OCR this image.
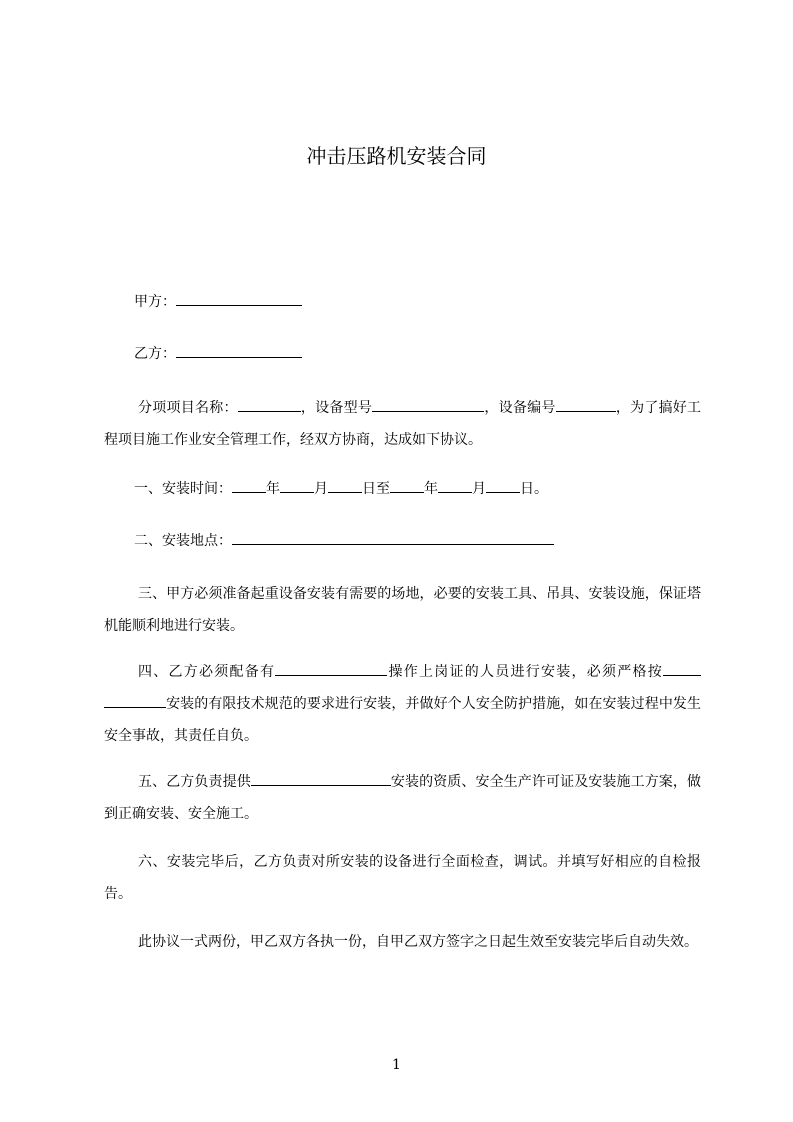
冲击压路机安装合同
甲方：
乙方：
分项项目名称：	，设备型号	，设备编号	，为了搞好工程项目施工作业安全管理工作，经双方协商，达成如下协议。
一、安装时间： 年 月 日至 年 月 日。
二、安装地点：
三、甲方必须准备起重设备安装有需要的场地，必要的安装工具、吊具、安装设施，保证塔机能顺利地进行安装。
四、乙方必须配备有	操作上岗证的人员进行安装，必须严格按安装的有限技术规范的要求进行安装，并做好个人安全防护措施，如在安装过程中发生安全事故，其责任自负。
五、乙方负责提供	安装的资质、安全生产许可证及安装施工方案，做到正确安装、安全施工。
六、安装完毕后，乙方负责对所安装的设备进行全面检查，调试。并填写好相应的自检报告。
此协议一式两份，甲乙双方各执一份，自甲乙双方签字之日起生效至安装完毕后自动失效。
1
